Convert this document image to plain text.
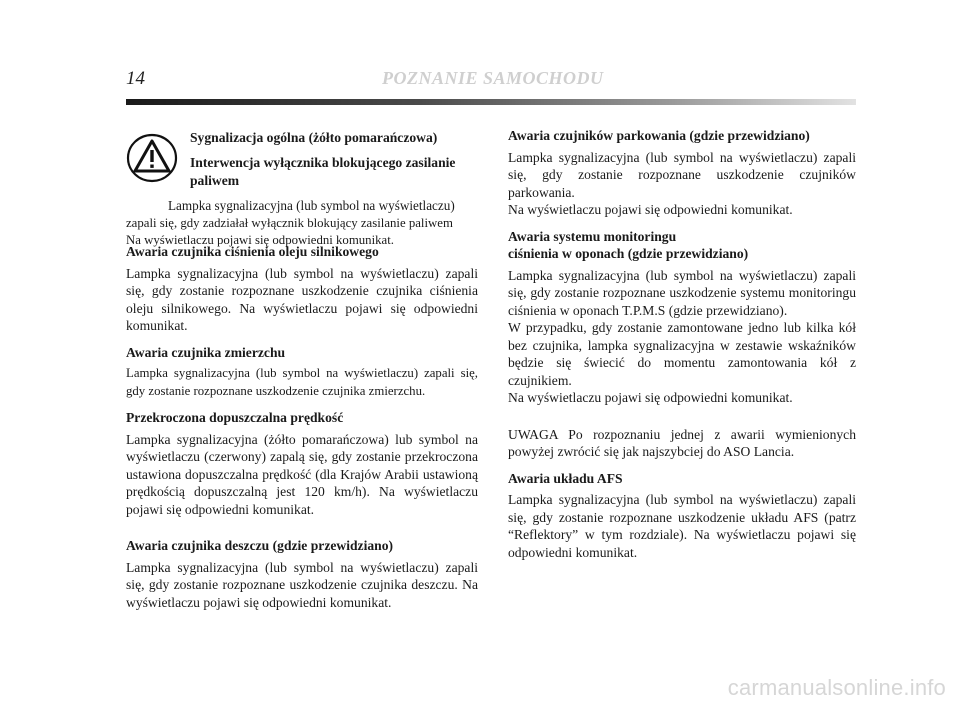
14	POZNANIE SAMOCHODU
Sygnalizacja ogólna (żółto pomarańczowa)
Interwencja wyłącznika blokującego zasilanie paliwem

Lampka sygnalizacyjna (lub symbol na wyświetlaczu)

zapali się, gdy zadziałał wyłącznik blokujący zasilanie paliwem
Na wyświetlaczu pojawi się odpowiedni komunikat.

Awaria czujnika ciśnienia oleju silnikowego

Lampka sygnalizacyjna (lub symbol na wyświetlaczu) zapali się, gdy zostanie rozpoznane uszkodzenie czujnika ciśnienia oleju silnikowego. Na wyświetlaczu pojawi się odpowiedni komunikat.

Awaria czujnika zmierzchu

Lampka sygnalizacyjna (lub symbol na wyświetlaczu) zapali się, gdy zostanie rozpoznane uszkodzenie czujnika zmierzchu.

Przekroczona dopuszczalna prędkość

Lampka sygnalizacyjna (żółto pomarańczowa) lub symbol na wyświetlaczu (czerwony) zapalą się, gdy zostanie przekroczona ustawiona dopuszczalna prędkość (dla Krajów Arabii ustawioną prędkością dopuszczalną jest 120 km/h). Na wyświetlaczu pojawi się odpowiedni komunikat.

Awaria czujnika deszczu (gdzie przewidziano)

Lampka sygnalizacyjna (lub symbol na wyświetlaczu) zapali się, gdy zostanie rozpoznane uszkodzenie czujnika deszczu. Na wyświetlaczu pojawi się odpowiedni komunikat.

Awaria czujników parkowania (gdzie przewidziano)

Lampka sygnalizacyjna (lub symbol na wyświetlaczu) zapali się, gdy zostanie rozpoznane uszkodzenie czujników parkowania.
Na wyświetlaczu pojawi się odpowiedni komunikat.

Awaria systemu monitoringu
ciśnienia w oponach (gdzie przewidziano)

Lampka sygnalizacyjna (lub symbol na wyświetlaczu) zapali się, gdy zostanie rozpoznane uszkodzenie systemu monitoringu ciśnienia w oponach T.P.M.S (gdzie przewidziano).
W przypadku, gdy zostanie zamontowane jedno lub kilka kół bez czujnika, lampka sygnalizacyjna w zestawie wskaźników będzie się świecić do momentu zamontowania kół z czujnikiem.
Na wyświetlaczu pojawi się odpowiedni komunikat.

UWAGA Po rozpoznaniu jednej z awarii wymienionych powyżej zwrócić się jak najszybciej do ASO Lancia.

Awaria układu AFS

Lampka sygnalizacyjna (lub symbol na wyświetlaczu) zapali się, gdy zostanie rozpoznane uszkodzenie układu AFS (patrz “Reflektory” w tym rozdziale). Na wyświetlaczu pojawi się odpowiedni komunikat.

carmanualsonline.info
